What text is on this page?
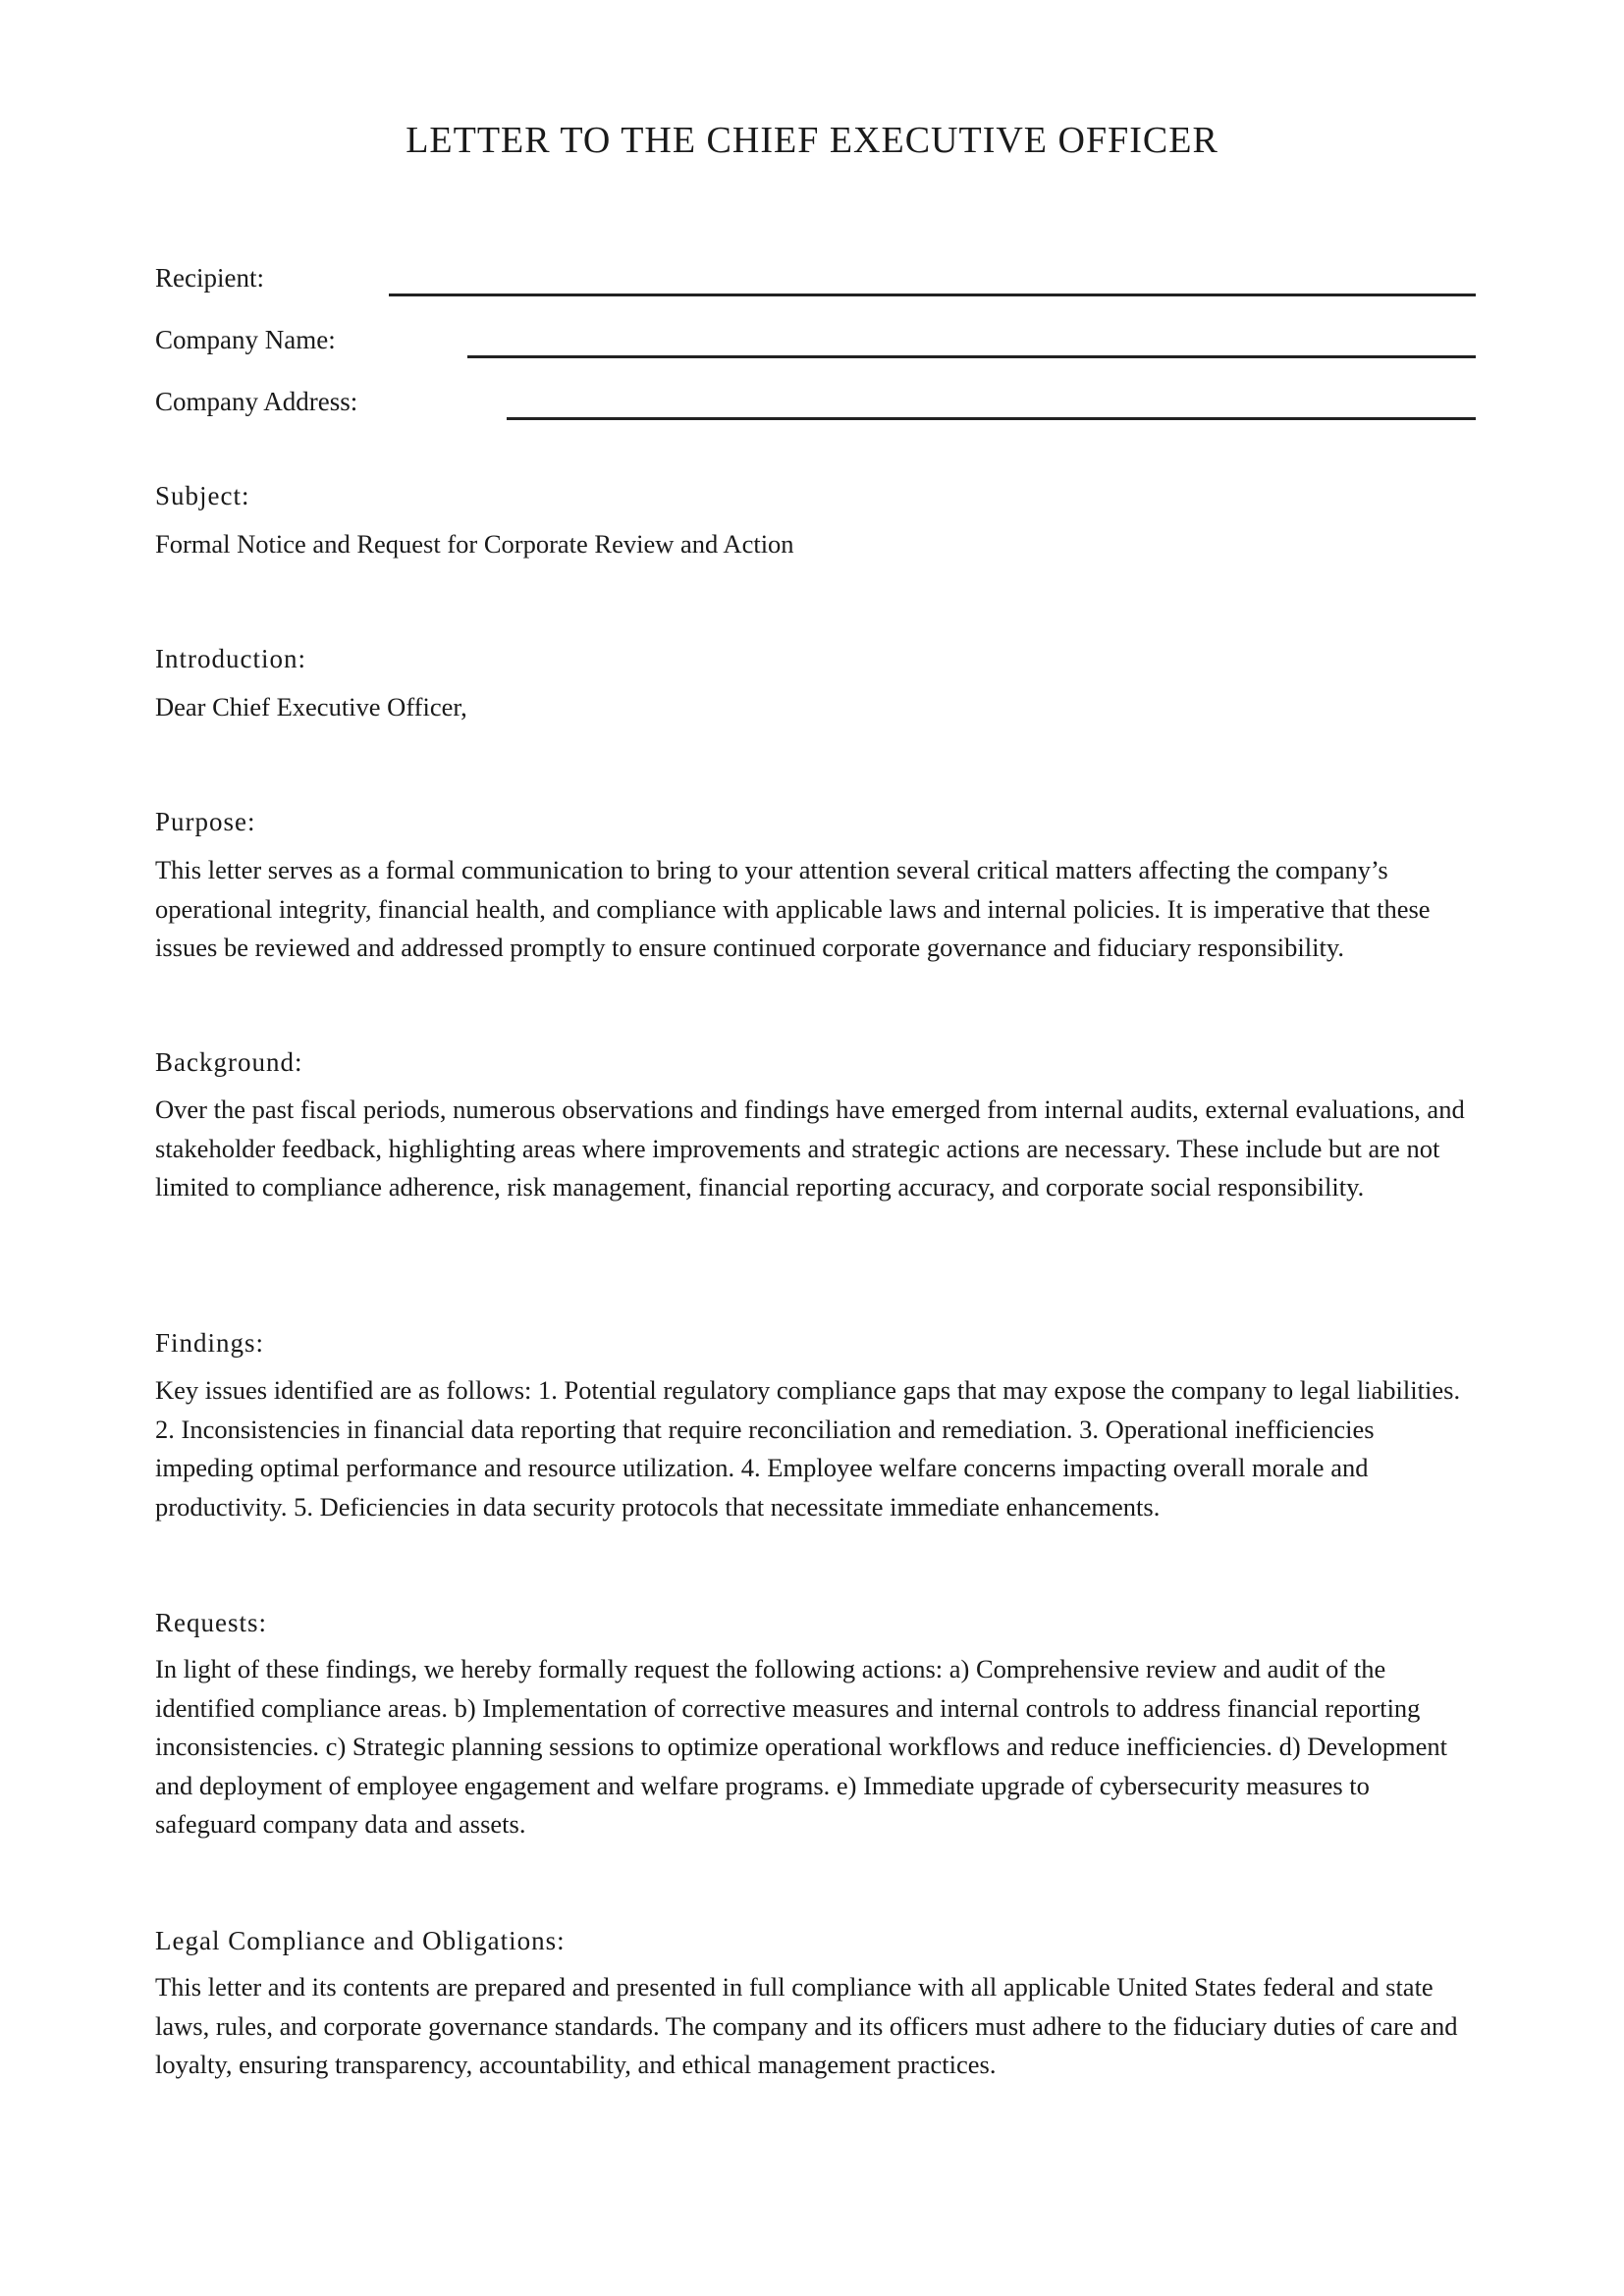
LETTER TO THE CHIEF EXECUTIVE OFFICER
Recipient:
Company Name:
Company Address:
Subject:
Formal Notice and Request for Corporate Review and Action
Introduction:
Dear Chief Executive Officer,
Purpose:
This letter serves as a formal communication to bring to your attention several critical matters affecting the company’s operational integrity, financial health, and compliance with applicable laws and internal policies. It is imperative that these issues be reviewed and addressed promptly to ensure continued corporate governance and fiduciary responsibility.
Background:
Over the past fiscal periods, numerous observations and findings have emerged from internal audits, external evaluations, and stakeholder feedback, highlighting areas where improvements and strategic actions are necessary. These include but are not limited to compliance adherence, risk management, financial reporting accuracy, and corporate social responsibility.
Findings:
Key issues identified are as follows: 1. Potential regulatory compliance gaps that may expose the company to legal liabilities. 2. Inconsistencies in financial data reporting that require reconciliation and remediation. 3. Operational inefficiencies impeding optimal performance and resource utilization. 4. Employee welfare concerns impacting overall morale and productivity. 5. Deficiencies in data security protocols that necessitate immediate enhancements.
Requests:
In light of these findings, we hereby formally request the following actions: a) Comprehensive review and audit of the identified compliance areas. b) Implementation of corrective measures and internal controls to address financial reporting inconsistencies. c) Strategic planning sessions to optimize operational workflows and reduce inefficiencies. d) Development and deployment of employee engagement and welfare programs. e) Immediate upgrade of cybersecurity measures to safeguard company data and assets.
Legal Compliance and Obligations:
This letter and its contents are prepared and presented in full compliance with all applicable United States federal and state laws, rules, and corporate governance standards. The company and its officers must adhere to the fiduciary duties of care and loyalty, ensuring transparency, accountability, and ethical management practices.
